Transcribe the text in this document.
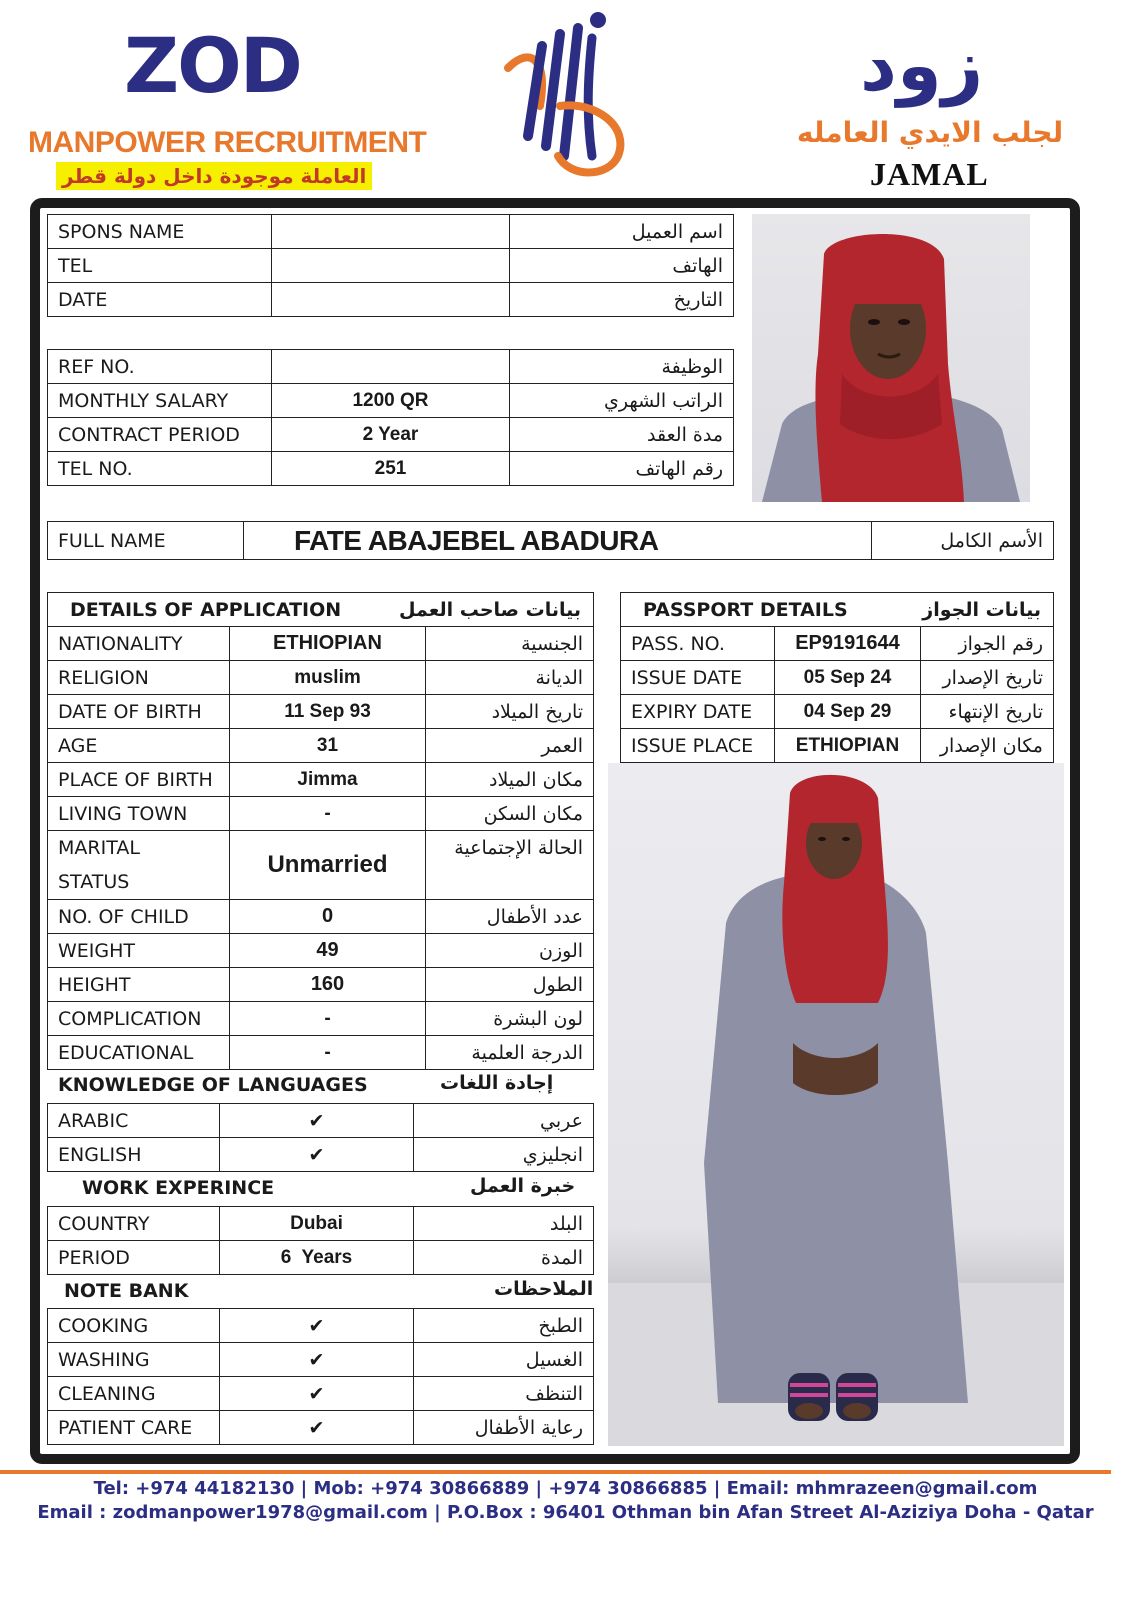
ZOD
MANPOWER RECRUITMENT
العاملة موجودة داخل دولة قطر
زود
لجلب الايدي العامله
JAMAL
SPONS NAME		اسم العميل
TEL		الهاتف
DATE		التاريخ
REF NO.		الوظيفة
MONTHLY SALARY	1200 QR	الراتب الشهري
CONTRACT PERIOD	2 Year	مدة العقد
TEL NO.	251	رقم الهاتف
FULL NAME	FATE ABAJEBEL ABADURA	الأسم الكامل
DETAILS OF APPLICATION بيانات صاحب العمل		

NATIONALITY	ETHIOPIAN	الجنسية
RELIGION	muslim	الديانة
DATE OF BIRTH	11 Sep 93	تاريخ الميلاد
AGE	31	العمر
PLACE OF BIRTH	Jimma	مكان الميلاد
LIVING TOWN	-	مكان السكن

MARITAL
STATUS	Unmarried	الحالة الإجتماعية
NO. OF CHILD	0	عدد الأطفال
WEIGHT	49	الوزن
HEIGHT	160	الطول
COMPLICATION	-	لون البشرة
EDUCATIONAL	-	الدرجة العلمية
PASSPORT DETAILS بيانات الجواز		

PASS. NO.	EP9191644	رقم الجواز
ISSUE DATE	05 Sep 24	تاريخ الإصدار
EXPIRY DATE	04 Sep 29	تاريخ الإنتهاء
ISSUE PLACE	ETHIOPIAN	مكان الإصدار
KNOWLEDGE OF LANGUAGES	إجادة اللغات
ARABIC	✔	عربي
ENGLISH	✔	انجليزي
WORK EXPERINCE	خبرة العمل
COUNTRY	Dubai	البلد
PERIOD	6  Years	المدة
NOTE BANK	الملاحظات
COOKING	✔	الطبخ
WASHING	✔	الغسيل
CLEANING	✔	التنظف
PATIENT CARE	✔	رعاية الأطفال
Tel: +974 44182130 | Mob: +974 30866889 | +974 30866885 | Email: mhmrazeen@gmail.com
Email : zodmanpower1978@gmail.com | P.O.Box : 96401 Othman bin Afan Street Al-Aziziya Doha - Qatar
